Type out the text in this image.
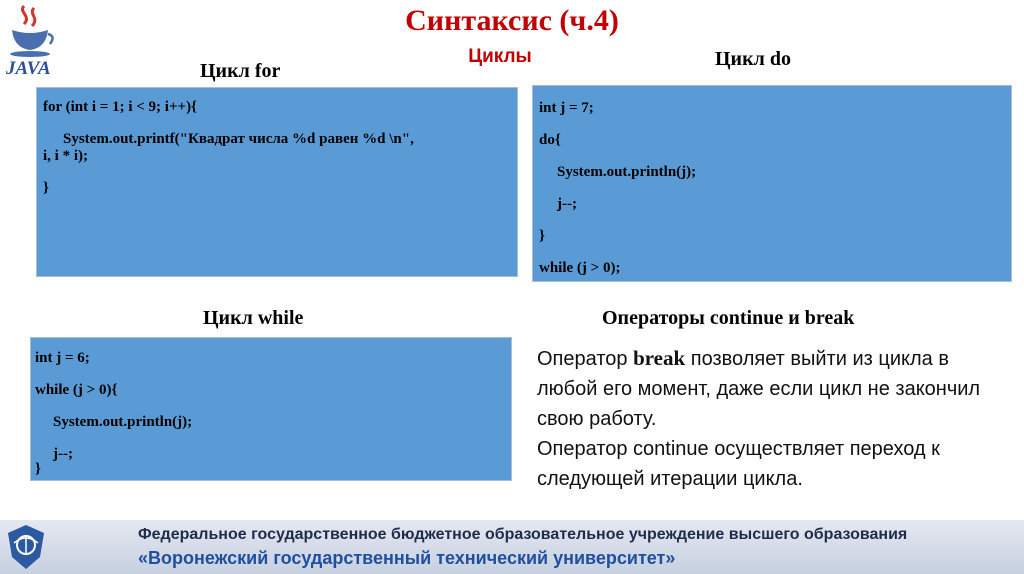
JAVA
Синтаксис (ч.4)
Циклы
Цикл for
Цикл do
Цикл while	Операторы continue и break
for (int i = 1; i < 9; i++){
System.out.printf("Квадрат числа %d равен %d \n",
i, i * i);
}
int j = 7;
do{
System.out.println(j);
j--;
}
while (j > 0);
int j = 6;
while (j > 0){
System.out.println(j);
j--;
}
Оператор break позволяет выйти из цикла в любой его момент, даже если цикл не закончил свою работу.
Оператор continue осуществляет переход к следующей итерации цикла.
Федеральное государственное бюджетное образовательное учреждение высшего образования
«Воронежский государственный технический университет»
